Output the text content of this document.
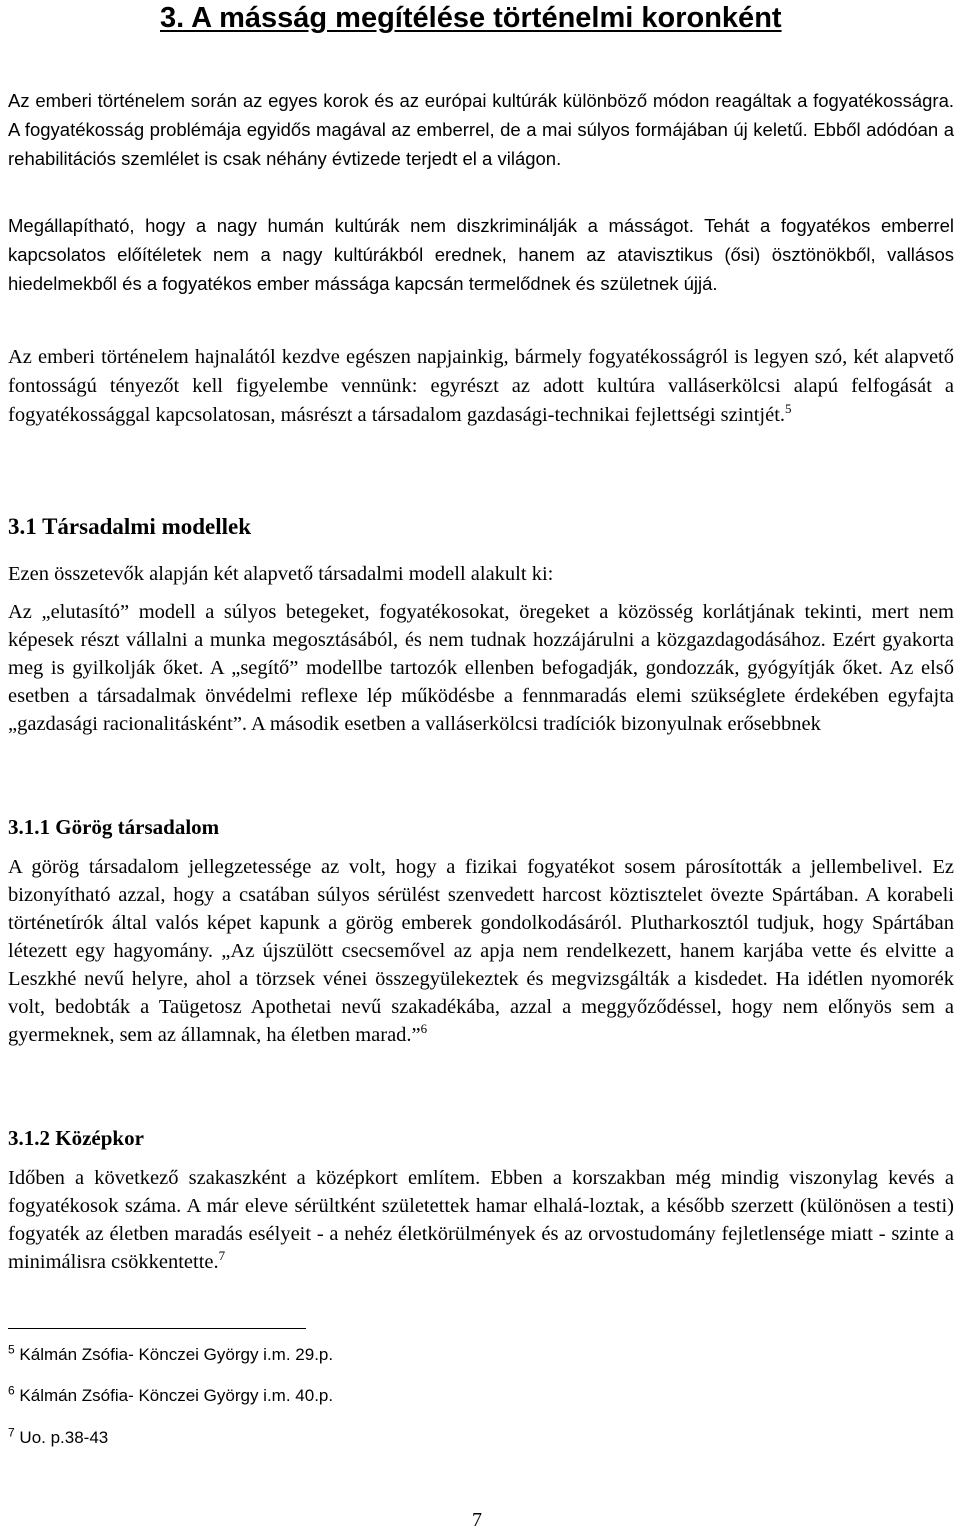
3. A másság megítélése történelmi koronként

Az emberi történelem során az egyes korok és az európai kultúrák különböző módon reagáltak a fogyatékosságra. A fogyatékosság problémája egyidős magával az emberrel, de a mai súlyos formájában új keletű. Ebből adódóan a rehabilitációs szemlélet is csak néhány évtizede terjedt el a világon.

Megállapítható, hogy a nagy humán kultúrák nem diszkriminálják a másságot. Tehát a fogyatékos emberrel kapcsolatos előítéletek nem a nagy kultúrákból erednek, hanem az atavisztikus (ősi) ösztönökből, vallásos hiedelmekből és a fogyatékos ember mássága kapcsán termelődnek és születnek újjá.

Az emberi történelem hajnalától kezdve egészen napjainkig, bármely fogyatékosságról is legyen szó, két alapvető fontosságú tényezőt kell figyelembe vennünk: egyrészt az adott kultúra valláserkölcsi alapú felfogását a fogyatékossággal kapcsolatosan, másrészt a társadalom gazdasági-technikai fejlettségi szintjét.$^5$

3.1 Társadalmi modellek

Ezen összetevők alapján két alapvető társadalmi modell alakult ki:

Az „elutasító” modell a súlyos betegeket, fogyatékosokat, öregeket a közösség korlátjának tekinti, mert nem képesek részt vállalni a munka megosztásából, és nem tudnak hozzájárulni a közgazdagodásához. Ezért gyakorta meg is gyilkolják őket. A „segítő” modellbe tartozók ellenben befogadják, gondozzák, gyógyítják őket. Az első esetben a társadalmak önvédelmi reflexe lép működésbe a fennmaradás elemi szükséglete érdekében egyfajta „gazdasági racionalitásként”. A második esetben a valláserkölcsi tradíciók bizonyulnak erősebbnek

3.1.1 Görög társadalom

A görög társadalom jellegzetessége az volt, hogy a fizikai fogyatékot sosem párosították a jellembelivel. Ez bizonyítható azzal, hogy a csatában súlyos sérülést szenvedett harcost köztisztelet övezte Spártában. A korabeli történetírók által valós képet kapunk a görög emberek gondolkodásáról. Plutharkosztól tudjuk, hogy Spártában létezett egy hagyomány. „Az újszülött csecsemővel az apja nem rendelkezett, hanem karjába vette és elvitte a Leszkhé nevű helyre, ahol a törzsek vénei összegyülekeztek és megvizsgálták a kisdedet. Ha idétlen nyomorék volt, bedobták a Taügetosz Apothetai nevű szakadékába, azzal a meggyőződéssel, hogy nem előnyös sem a gyermeknek, sem az államnak, ha életben marad.”$^6$

3.1.2 Középkor

Időben a következő szakaszként a középkort említem. Ebben a korszakban még mindig viszonylag kevés a fogyatékosok száma. A már eleve sérültként születettek hamar elhalá-loztak, a később szerzett (különösen a testi) fogyaték az életben maradás esélyeit - a nehéz életkörülmények és az orvostudomány fejletlensége miatt - szinte a minimálisra csökkentette.$^7$

$^5$ Kálmán Zsófia- Könczei György i.m. 29.p.

$^6$ Kálmán Zsófia- Könczei György i.m. 40.p.

$^7$ Uo. p.38-43

7
